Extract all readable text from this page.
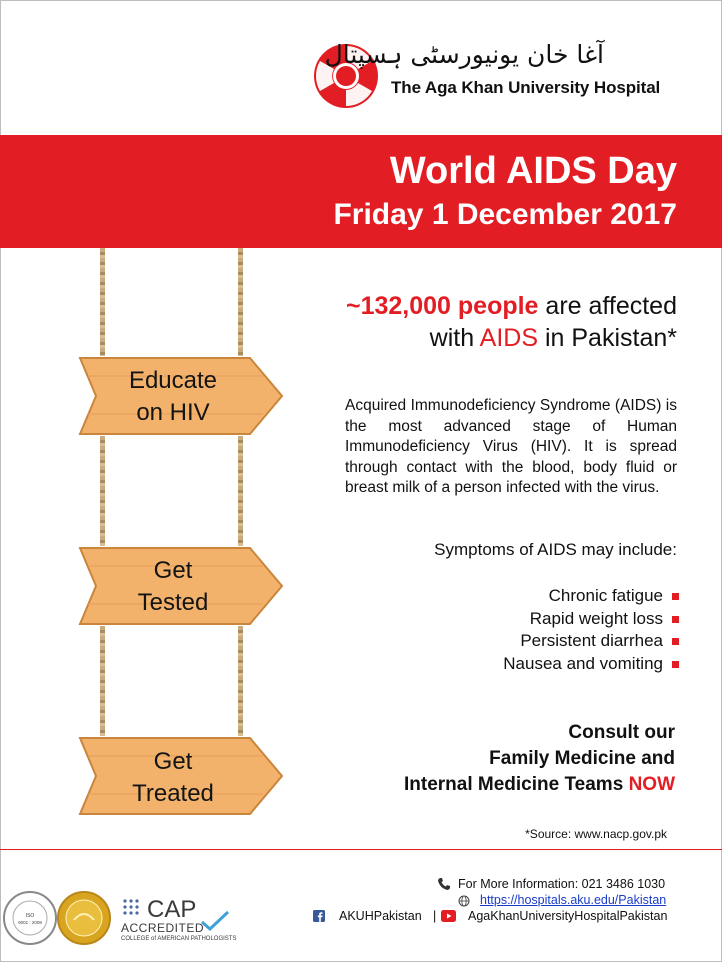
آغا خان یونیورسٹی ہسپتال
The Aga Khan University Hospital
World AIDS Day
Friday 1 December 2017
Educate
on HIV
Get
Tested
Get
Treated
~132,000 people are affected
with AIDS in Pakistan*
Acquired Immunodeficiency Syndrome (AIDS) is the most advanced stage of Human Immunodeficiency Virus (HIV). It is spread through contact with the blood, body fluid or breast milk of a person infected with the virus.
Symptoms of AIDS may include:
Chronic fatigue
Rapid weight loss
Persistent diarrhea
Nausea and vomiting
Consult our
Family Medicine and
Internal Medicine Teams NOW
*Source: www.nacp.gov.pk
ISO
9001 : 2008	CAP
ACCREDITED
COLLEGE of AMERICAN PATHOLOGISTS
For More Information: 021 3486 1030
https://hospitals.aku.edu/Pakistan
AKUHPakistan |	AgaKhanUniversityHospitalPakistan
